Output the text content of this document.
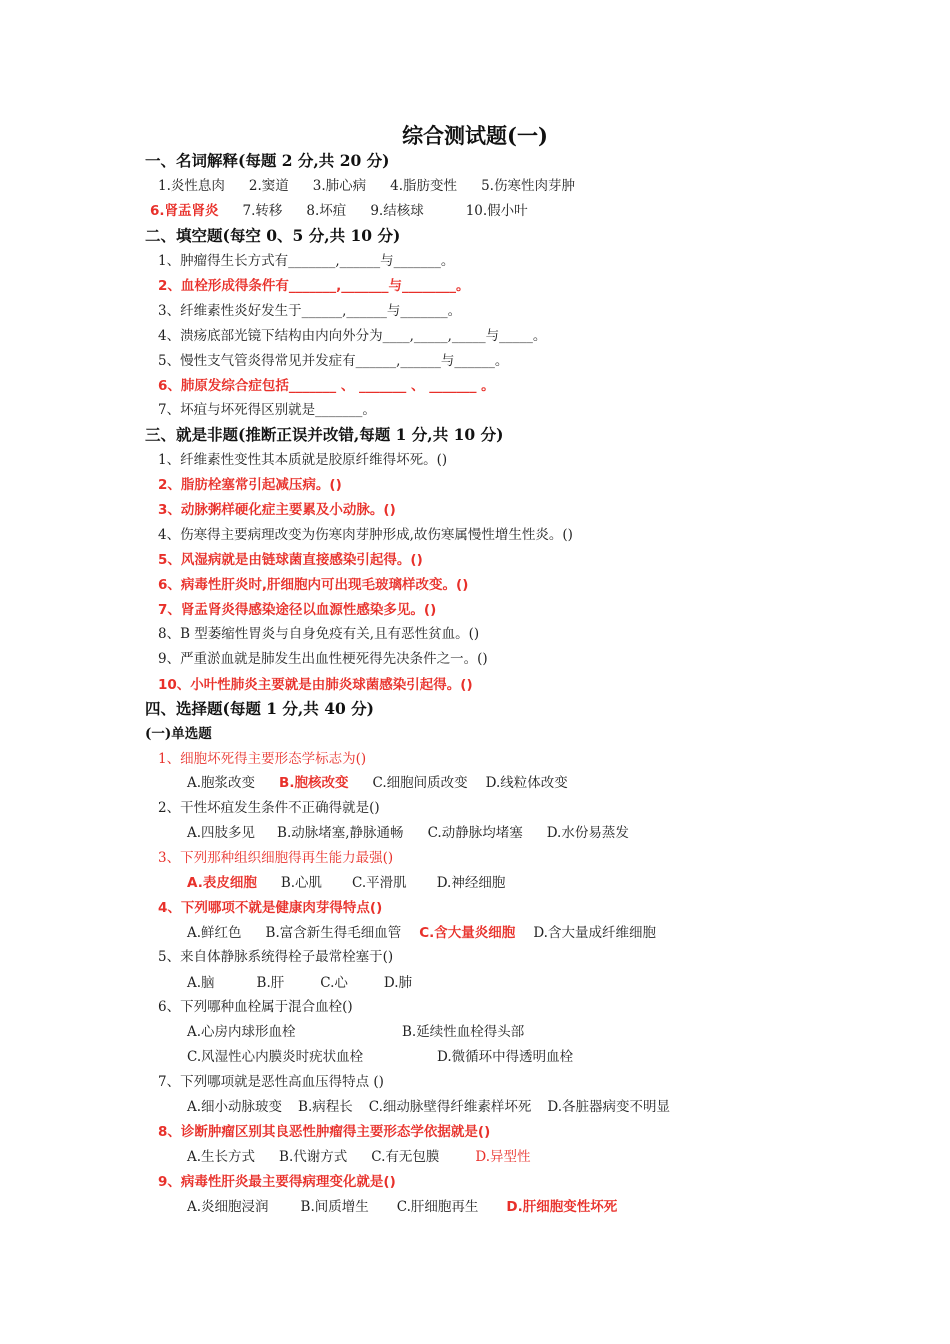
综合测试题(一)
一、名词解释(每题 2 分,共 20 分)
1.炎性息肉 2.窦道 3.肺心病 4.脂肪变性 5.伤寒性肉芽肿
6.肾盂肾炎 7.转移 8.坏疽 9.结核球	10.假小叶
二、填空题(每空 0、5 分,共 10 分)
1、肿瘤得生长方式有_______,______与_______。
2、血栓形成得条件有_______,_______与________。
3、纤维素性炎好发生于______,______与_______。
4、溃疡底部光镜下结构由内向外分为____,_____,_____与_____。
5、慢性支气管炎得常见并发症有______,______与______。
6、肺原发综合症包括_______ 、 _______ 、 _______ 。
7、坏疽与坏死得区别就是_______。
三、就是非题(推断正误并改错,每题 1 分,共 10 分)
1、纤维素性变性其本质就是胶原纤维得坏死。()
2、脂肪栓塞常引起减压病。()
3、动脉粥样硬化症主要累及小动脉。()
4、伤寒得主要病理改变为伤寒肉芽肿形成,故伤寒属慢性增生性炎。()
5、风湿病就是由链球菌直接感染引起得。()
6、病毒性肝炎时,肝细胞内可出现毛玻璃样改变。()
7、肾盂肾炎得感染途径以血源性感染多见。()
8、B 型萎缩性胃炎与自身免疫有关,且有恶性贫血。()
9、严重淤血就是肺发生出血性梗死得先决条件之一。()
10、小叶性肺炎主要就是由肺炎球菌感染引起得。()
四、选择题(每题 1 分,共 40 分)
(一)单选题
1、细胞坏死得主要形态学标志为()
A.胞浆改变 B.胞核改变 C.细胞间质改变 D.线粒体改变
2、干性坏疽发生条件不正确得就是()
A.四肢多见 B.动脉堵塞,静脉通畅 C.动静脉均堵塞 D.水份易蒸发
3、下列那种组织细胞得再生能力最强()
A.表皮细胞 B.心肌 C.平滑肌 D.神经细胞
4、下列哪项不就是健康肉芽得特点()
A.鲜红色 B.富含新生得毛细血管 C.含大量炎细胞 D.含大量成纤维细胞
5、来自体静脉系统得栓子最常栓塞于()
A.脑	B.肝	C.心	D.肺
6、下列哪种血栓属于混合血栓()
A.心房内球形血栓	B.延续性血栓得头部
C.风湿性心内膜炎时疣状血栓	D.微循环中得透明血栓
7、下列哪项就是恶性高血压得特点 ()
A.细小动脉玻变 B.病程长 C.细动脉壁得纤维素样坏死 D.各脏器病变不明显
8、诊断肿瘤区别其良恶性肿瘤得主要形态学依据就是()
A.生长方式 B.代谢方式 C.有无包膜	D.异型性
9、病毒性肝炎最主要得病理变化就是()
A.炎细胞浸润 B.间质增生 C.肝细胞再生 D.肝细胞变性坏死
